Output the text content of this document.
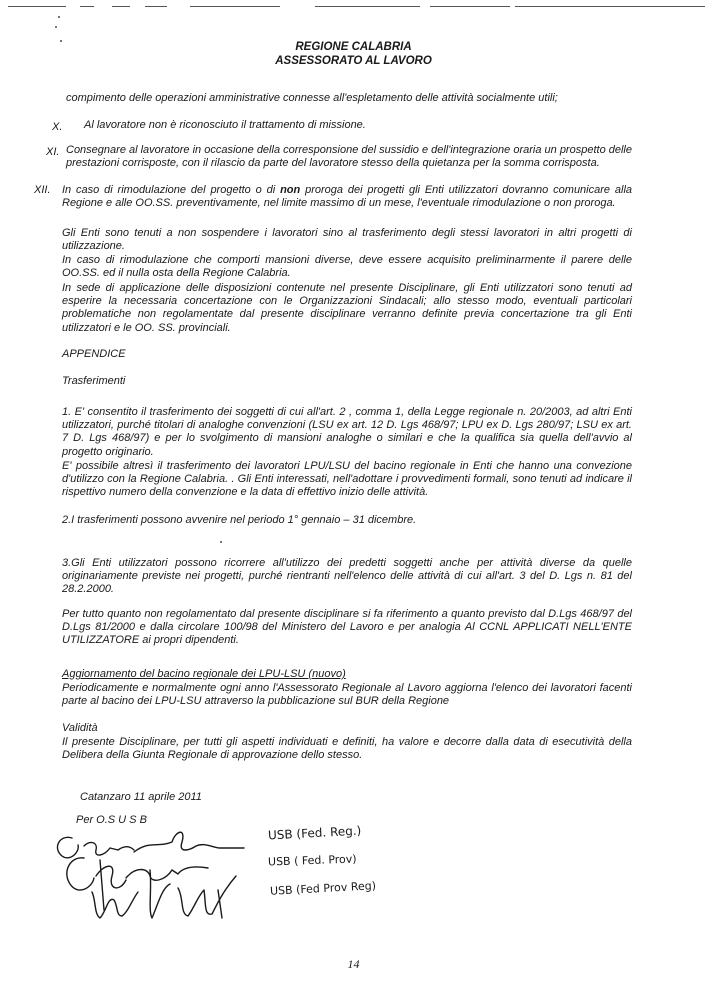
REGIONE CALABRIA
ASSESSORATO AL LAVORO
compimento delle operazioni amministrative connesse all'espletamento delle attività socialmente utili;
X. Al lavoratore non è riconosciuto il trattamento di missione.
XI. Consegnare al lavoratore in occasione della corresponsione del sussidio e dell'integrazione oraria un prospetto delle prestazioni corrisposte, con il rilascio da parte del lavoratore stesso della quietanza per la somma corrisposta.
XII. In caso di rimodulazione del progetto o di non proroga dei progetti gli Enti utilizzatori dovranno comunicare alla Regione e alle OO.SS. preventivamente, nel limite massimo di un mese, l'eventuale rimodulazione o non proroga.
Gli Enti sono tenuti a non sospendere i lavoratori sino al trasferimento degli stessi lavoratori in altri progetti di utilizzazione.
In caso di rimodulazione che comporti mansioni diverse, deve essere acquisito preliminarmente il parere delle OO.SS. ed il nulla osta della Regione Calabria.
In sede di applicazione delle disposizioni contenute nel presente Disciplinare, gli Enti utilizzatori sono tenuti ad esperire la necessaria concertazione con le Organizzazioni Sindacali; allo stesso modo, eventuali particolari problematiche non regolamentate dal presente disciplinare verranno definite previa concertazione tra gli Enti utilizzatori e le OO. SS. provinciali.
APPENDICE
Trasferimenti
1. E' consentito il trasferimento dei soggetti di cui all'art. 2 , comma 1, della Legge regionale n. 20/2003, ad altri Enti utilizzatori, purché titolari di analoghe convenzioni (LSU ex art. 12 D. Lgs 468/97; LPU ex D. Lgs 280/97; LSU ex art. 7 D. Lgs 468/97) e per lo svolgimento di mansioni analoghe o similari e che la qualifica sia quella dell'avvio al progetto originario.
E' possibile altresì il trasferimento dei lavoratori LPU/LSU del bacino regionale in Enti che hanno una convezione d'utilizzo con la Regione Calabria. . Gli Enti interessati, nell'adottare i provvedimenti formali, sono tenuti ad indicare il rispettivo numero della convenzione e la data di effettivo inizio delle attività.
2.I trasferimenti possono avvenire nel periodo 1° gennaio – 31 dicembre.
3.Gli Enti utilizzatori possono ricorrere all'utilizzo dei predetti soggetti anche per attività diverse da quelle originariamente previste nei progetti, purché rientranti nell'elenco delle attività di cui all'art. 3 del D. Lgs n. 81 del 28.2.2000.
Per tutto quanto non regolamentato dal presente disciplinare si fa riferimento a quanto previsto dal D.Lgs 468/97 del D.Lgs 81/2000 e dalla circolare 100/98 del Ministero del Lavoro e per analogia Al CCNL APPLICATI NELL'ENTE UTILIZZATORE ai propri dipendenti.
Aggiornamento del bacino regionale dei LPU-LSU (nuovo)
Periodicamente e normalmente ogni anno l'Assessorato Regionale al Lavoro aggiorna l'elenco dei lavoratori facenti parte al bacino dei LPU-LSU attraverso la pubblicazione sul BUR della Regione
Validità
Il presente Disciplinare, per tutti gli aspetti individuati e definiti, ha valore e decorre dalla data di esecutività della Delibera della Giunta Regionale di approvazione dello stesso.
Catanzaro 11 aprile 2011
Per O.S U S B
USB (Fed. Reg.)
USB ( Fed. Prov)
USB (Fed Prov Reg)
14
